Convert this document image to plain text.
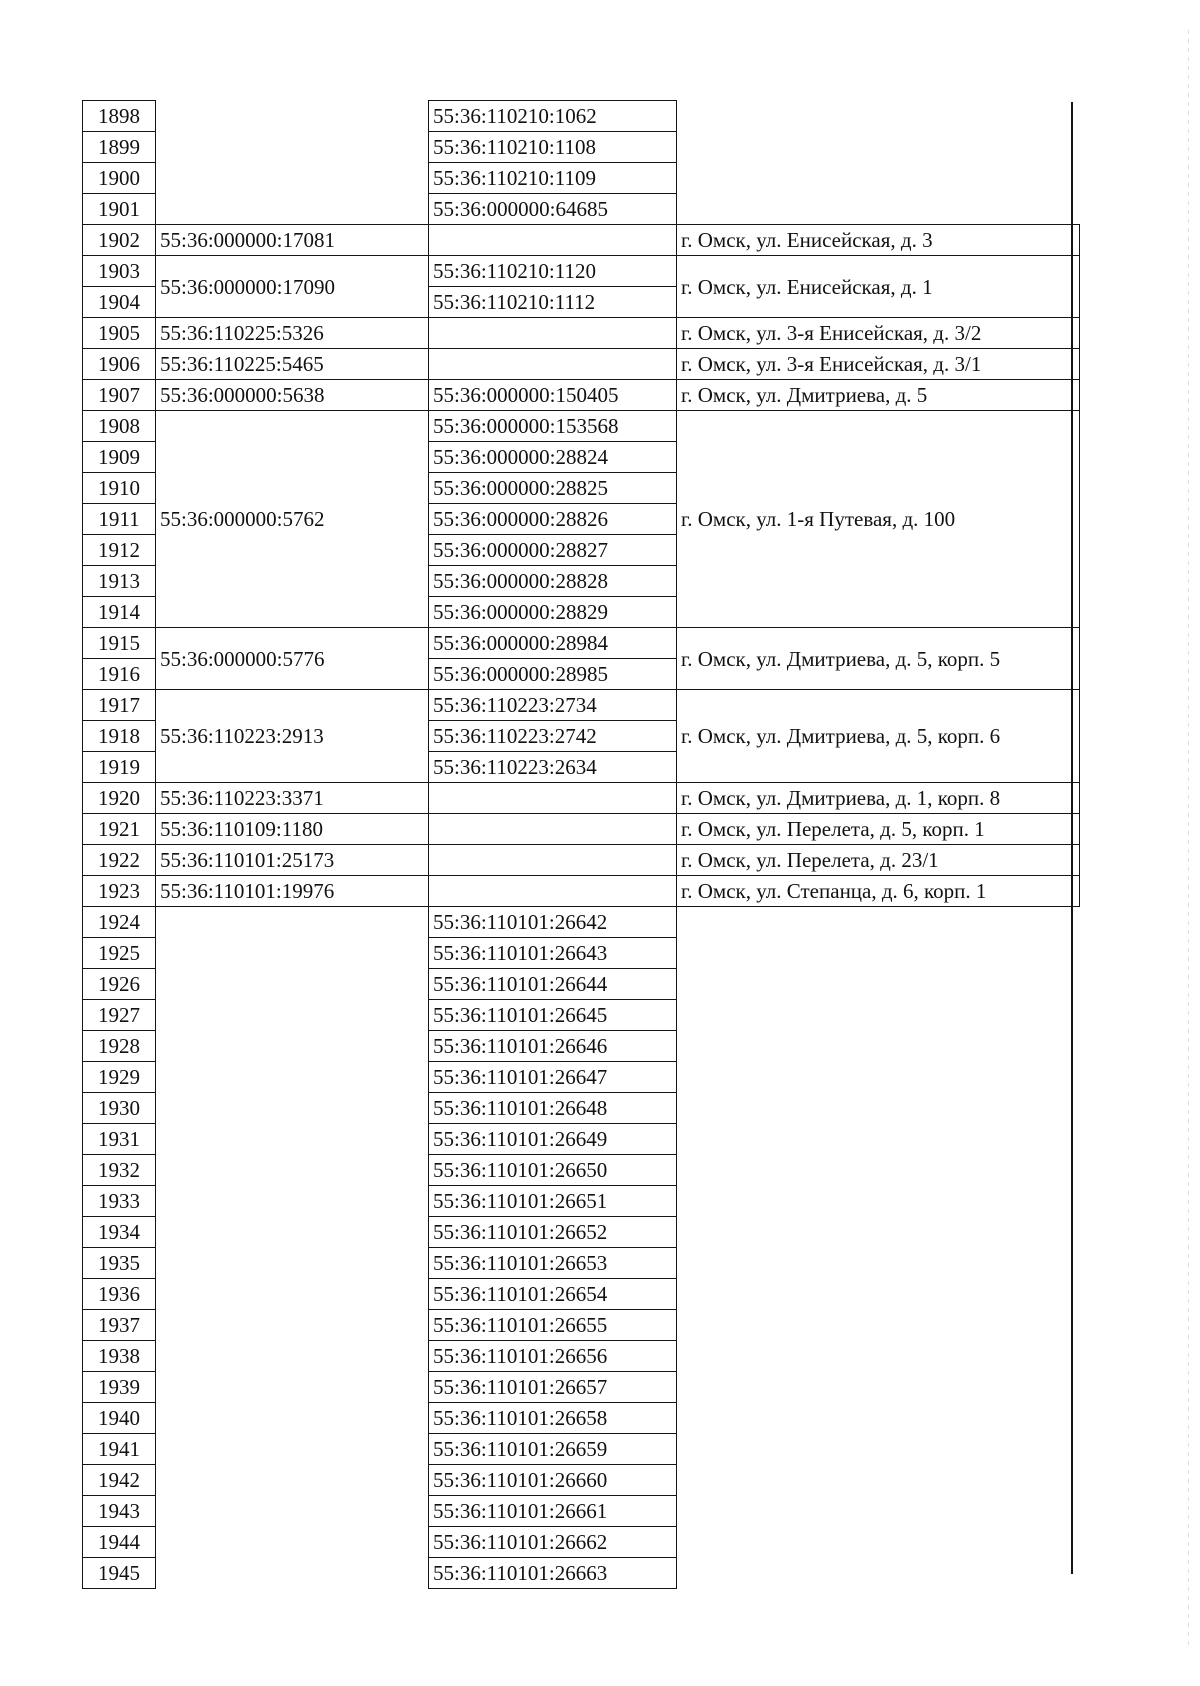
1898		55:36:110210:1062	
1899		55:36:110210:1108	
1900		55:36:110210:1109	
1901		55:36:000000:64685	
1902	55:36:000000:17081		г. Омск, ул. Енисейская, д. 3
1903	55:36:000000:17090	55:36:110210:1120	г. Омск, ул. Енисейская, д. 1
1904		55:36:110210:1112	
1905	55:36:110225:5326		г. Омск, ул. 3-я Енисейская, д. 3/2
1906	55:36:110225:5465		г. Омск, ул. 3-я Енисейская, д. 3/1
1907	55:36:000000:5638	55:36:000000:150405	г. Омск, ул. Дмитриева, д. 5
1908	55:36:000000:5762	55:36:000000:153568	г. Омск, ул. 1-я Путевая, д. 100
1909		55:36:000000:28824	
1910		55:36:000000:28825	
1911		55:36:000000:28826	
1912		55:36:000000:28827	
1913		55:36:000000:28828	
1914		55:36:000000:28829	
1915	55:36:000000:5776	55:36:000000:28984	г. Омск, ул. Дмитриева, д. 5, корп. 5
1916		55:36:000000:28985	
1917	55:36:110223:2913	55:36:110223:2734	г. Омск, ул. Дмитриева, д. 5, корп. 6
1918		55:36:110223:2742	
1919		55:36:110223:2634	
1920	55:36:110223:3371		г. Омск, ул. Дмитриева, д. 1, корп. 8
1921	55:36:110109:1180		г. Омск, ул. Перелета, д. 5, корп. 1
1922	55:36:110101:25173		г. Омск, ул. Перелета, д. 23/1
1923	55:36:110101:19976		г. Омск, ул. Степанца, д. 6, корп. 1
1924		55:36:110101:26642	
1925		55:36:110101:26643	
1926		55:36:110101:26644	
1927		55:36:110101:26645	
1928		55:36:110101:26646	
1929		55:36:110101:26647	
1930		55:36:110101:26648	
1931		55:36:110101:26649	
1932		55:36:110101:26650	
1933		55:36:110101:26651	
1934		55:36:110101:26652	
1935		55:36:110101:26653	
1936		55:36:110101:26654	
1937		55:36:110101:26655	
1938		55:36:110101:26656	
1939		55:36:110101:26657	
1940		55:36:110101:26658	
1941		55:36:110101:26659	
1942		55:36:110101:26660	
1943		55:36:110101:26661	
1944		55:36:110101:26662	
1945		55:36:110101:26663	
